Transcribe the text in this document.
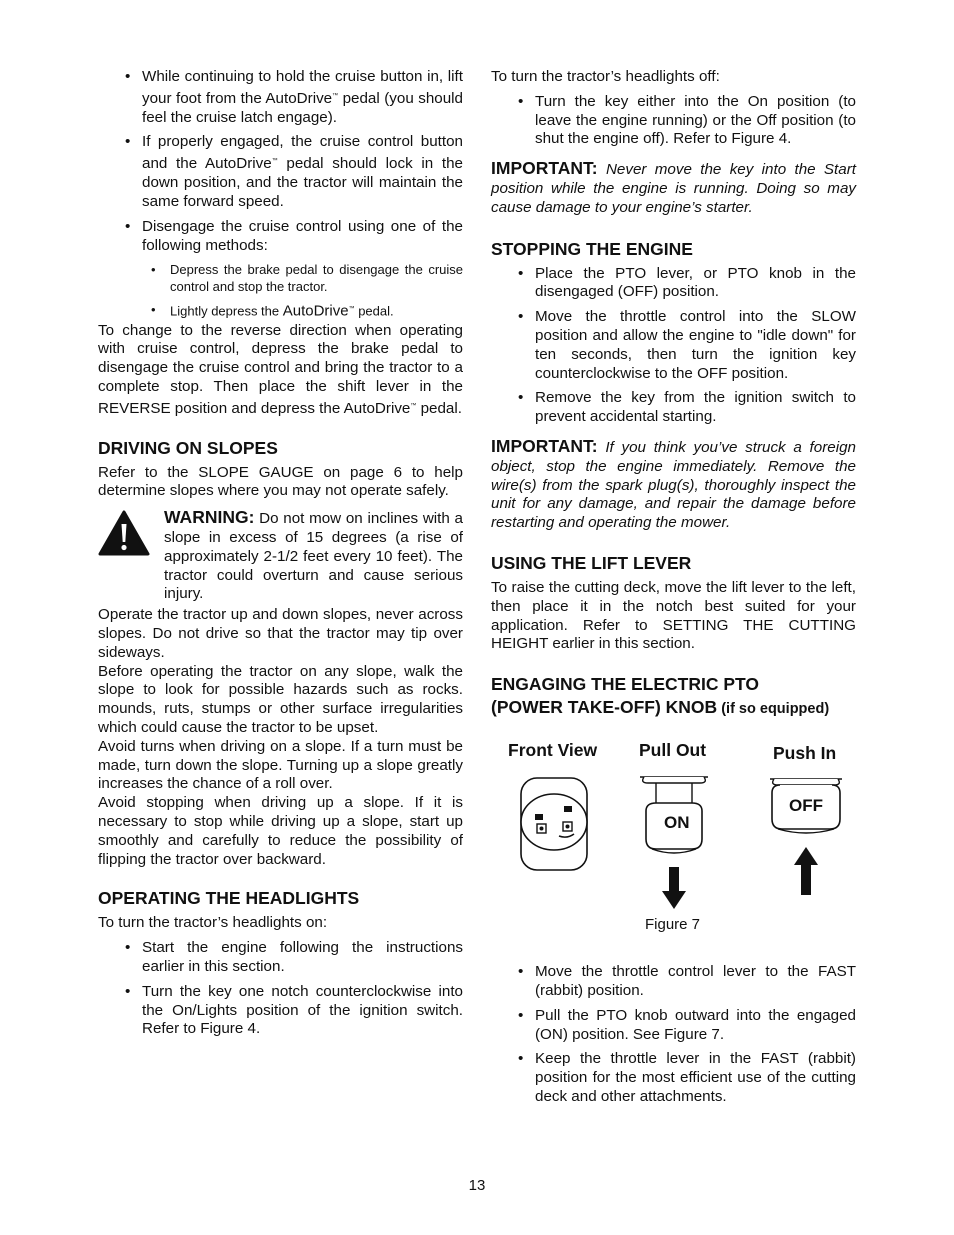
• While continuing to hold the cruise button in, lift your foot from the AutoDrive™ pedal (you should feel the cruise latch engage).
• If properly engaged, the cruise control button and the AutoDrive™ pedal should lock in the down position, and the tractor will maintain the same forward speed.
• Disengage the cruise control using one of the following methods:
• Depress the brake pedal to disengage the cruise control and stop the tractor.
• Lightly depress the AutoDrive™ pedal.

To change to the reverse direction when operating with cruise control, depress the brake pedal to disengage the cruise control and bring the tractor to a complete stop. Then place the shift lever in the REVERSE position and depress the AutoDrive™ pedal.

DRIVING ON SLOPES

Refer to the SLOPE GAUGE on page 6 to help determine slopes where you may not operate safely.

WARNING: Do not mow on inclines with a slope in excess of 15 degrees (a rise of approximately 2-1/2 feet every 10 feet). The tractor could overturn and cause serious injury.

Operate the tractor up and down slopes, never across slopes. Do not drive so that the tractor may tip over sideways.

Before operating the tractor on any slope, walk the slope to look for possible hazards such as rocks. mounds, ruts, stumps or other surface irregularities which could cause the tractor to be upset.

Avoid turns when driving on a slope. If a turn must be made, turn down the slope. Turning up a slope greatly increases the chance of a roll over.

Avoid stopping when driving up a slope. If it is necessary to stop while driving up a slope, start up smoothly and carefully to reduce the possibility of flipping the tractor over backward.

OPERATING THE HEADLIGHTS

To turn the tractor’s headlights on:

• Start the engine following the instructions earlier in this section.
• Turn the key one notch counterclockwise into the On/Lights position of the ignition switch. Refer to Figure 4.

To turn the tractor’s headlights off:

• Turn the key either into the On position (to leave the engine running) or the Off position (to shut the engine off). Refer to Figure 4.

IMPORTANT: Never move the key into the Start position while the engine is running. Doing so may cause damage to your engine’s starter.

STOPPING THE ENGINE
• Place the PTO lever, or PTO knob in the disengaged (OFF) position.
• Move the throttle control into the SLOW position and allow the engine to "idle down" for ten seconds, then turn the ignition key counterclockwise to the OFF position.
• Remove the key from the ignition switch to prevent accidental starting.

IMPORTANT: If you think you’ve struck a foreign object, stop the engine immediately. Remove the wire(s) from the spark plug(s), thoroughly inspect the unit for any damage, and repair the damage before restarting and operating the mower.

USING THE LIFT LEVER

To raise the cutting deck, move the lift lever to the left, then place it in the notch best suited for your application. Refer to SETTING THE CUTTING HEIGHT earlier in this section.

ENGAGING THE ELECTRIC PTO
(POWER TAKE-OFF) KNOB (if so equipped)
Front View Pull Out	Push In
ON
OFF
Figure 7
• Move the throttle control lever to the FAST (rabbit) position.
• Pull the PTO knob outward into the engaged (ON) position. See Figure 7.
• Keep the throttle lever in the FAST (rabbit) position for the most efficient use of the cutting deck and other attachments.
13
